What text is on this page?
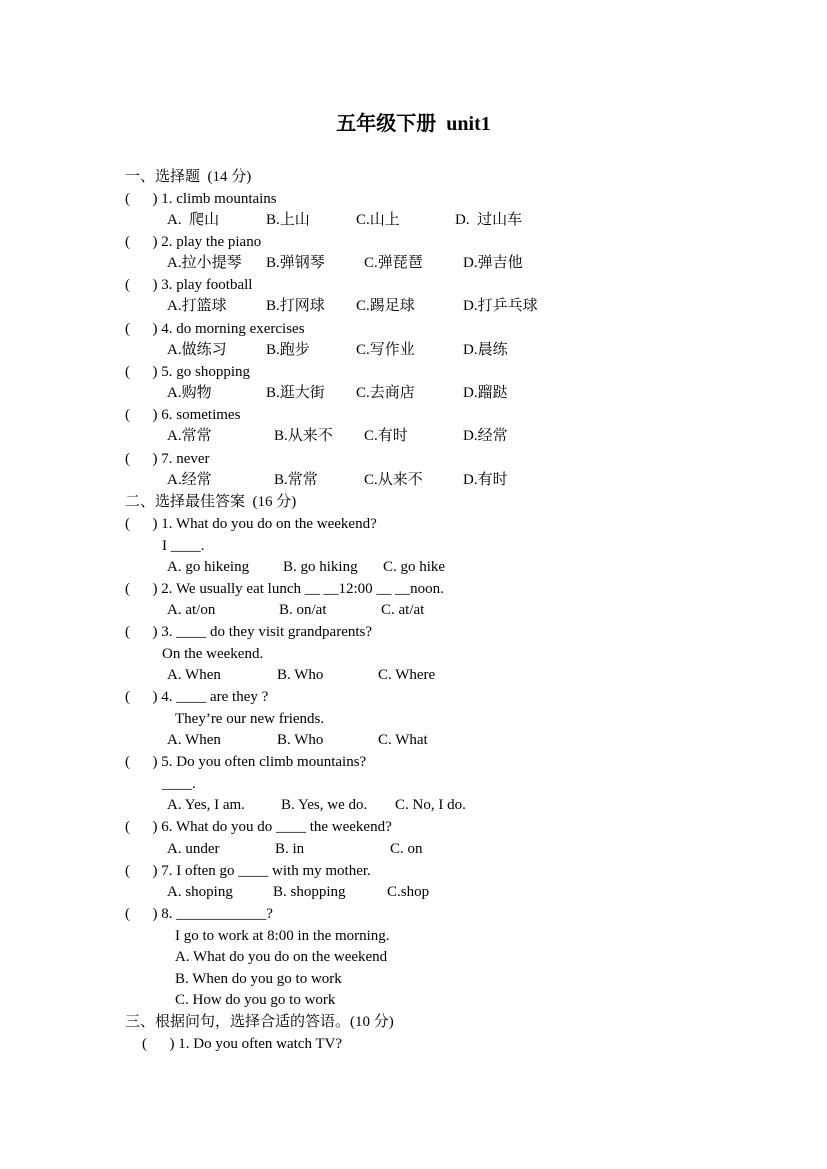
五年级下册  unit1
一、选择题  (14 分)
(      ) 1. climb mountains
A.  爬山	B.上山	C.山上	D.  过山车
(      ) 2. play the piano
A.拉小提琴 B.弹钢琴	C.弹琵琶	D.弹吉他
(      ) 3. play football
A.打篮球	B.打网球 C.踢足球	D.打乒乓球
(      ) 4. do morning exercises
A.做练习	B.跑步	C.写作业	D.晨练
(      ) 5. go shopping
A.购物	B.逛大街 C.去商店	D.蹓跶
(      ) 6. sometimes
A.常常	B.从来不 C.有时	D.经常
(      ) 7. never
A.经常	B.常常	C.从来不	D.有时
二、选择最佳答案  (16 分)
(      ) 1. What do you do on the weekend?
I ____.
A. go hikeing B. go hiking C. go hike
(      ) 2. We usually eat lunch __ __12:00 __ __noon.
A. at/on	B. on/at	C. at/at
(      ) 3. ____ do they visit grandparents?
On the weekend.
A. When	B. Who	C. Where
(      ) 4. ____ are they ?
They’re our new friends.
A. When	B. Who	C. What
(      ) 5. Do you often climb mountains?
____.
A. Yes, I am. B. Yes, we do. C. No, I do.
(      ) 6. What do you do ____ the weekend?
A. under	B. in	C. on
(      ) 7. I often go ____ with my mother.
A. shoping	B. shopping	C.shop
(      ) 8. ____________?
I go to work at 8:00 in the morning.
A. What do you do on the weekend
B. When do you go to work
C. How do you go to work
三、根据问句，选择合适的答语。(10 分)
(      ) 1. Do you often watch TV?
